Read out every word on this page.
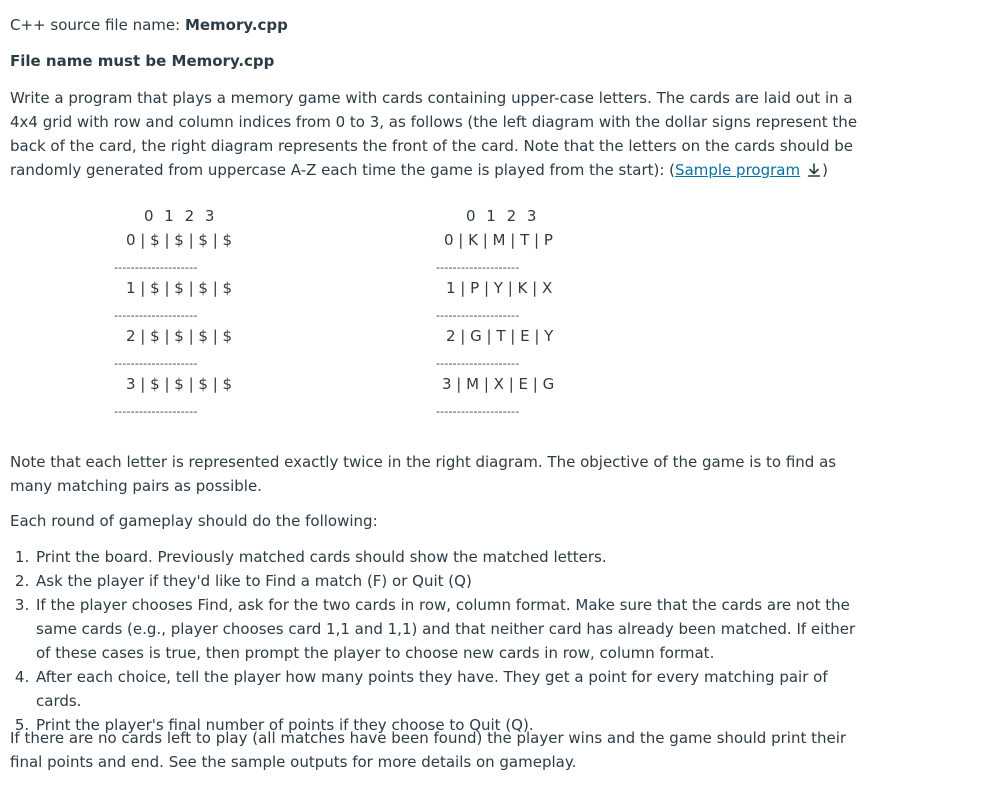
C++ source file name: Memory.cpp
File name must be Memory.cpp
Write a program that plays a memory game with cards containing upper-case letters. The cards are laid out in a 4x4 grid with row and column indices from 0 to 3, as follows (the left diagram with the dollar signs represent the back of the card, the right diagram represents the front of the card. Note that the letters on the cards should be randomly generated from uppercase A-Z each time the game is played from the start): (Sample program )
0 1 2 3
0 | $ | $ | $ | $
--------------------
1 | $ | $ | $ | $
--------------------
2 | $ | $ | $ | $
--------------------
3 | $ | $ | $ | $
--------------------
0 1 2 3
0 | K | M | T | P
--------------------
1 | P | Y | K | X
--------------------
2 | G | T | E | Y
--------------------
3 | M | X | E | G
--------------------
Note that each letter is represented exactly twice in the right diagram. The objective of the game is to find as many matching pairs as possible.
Each round of gameplay should do the following:
1. Print the board. Previously matched cards should show the matched letters.
2. Ask the player if they'd like to Find a match (F) or Quit (Q)
3. If the player chooses Find, ask for the two cards in row, column format. Make sure that the cards are not the same cards (e.g., player chooses card 1,1 and 1,1) and that neither card has already been matched. If either of these cases is true, then prompt the player to choose new cards in row, column format.
4. After each choice, tell the player how many points they have. They get a point for every matching pair of cards.
5. Print the player's final number of points if they choose to Quit (Q).
If there are no cards left to play (all matches have been found) the player wins and the game should print their final points and end. See the sample outputs for more details on gameplay.
